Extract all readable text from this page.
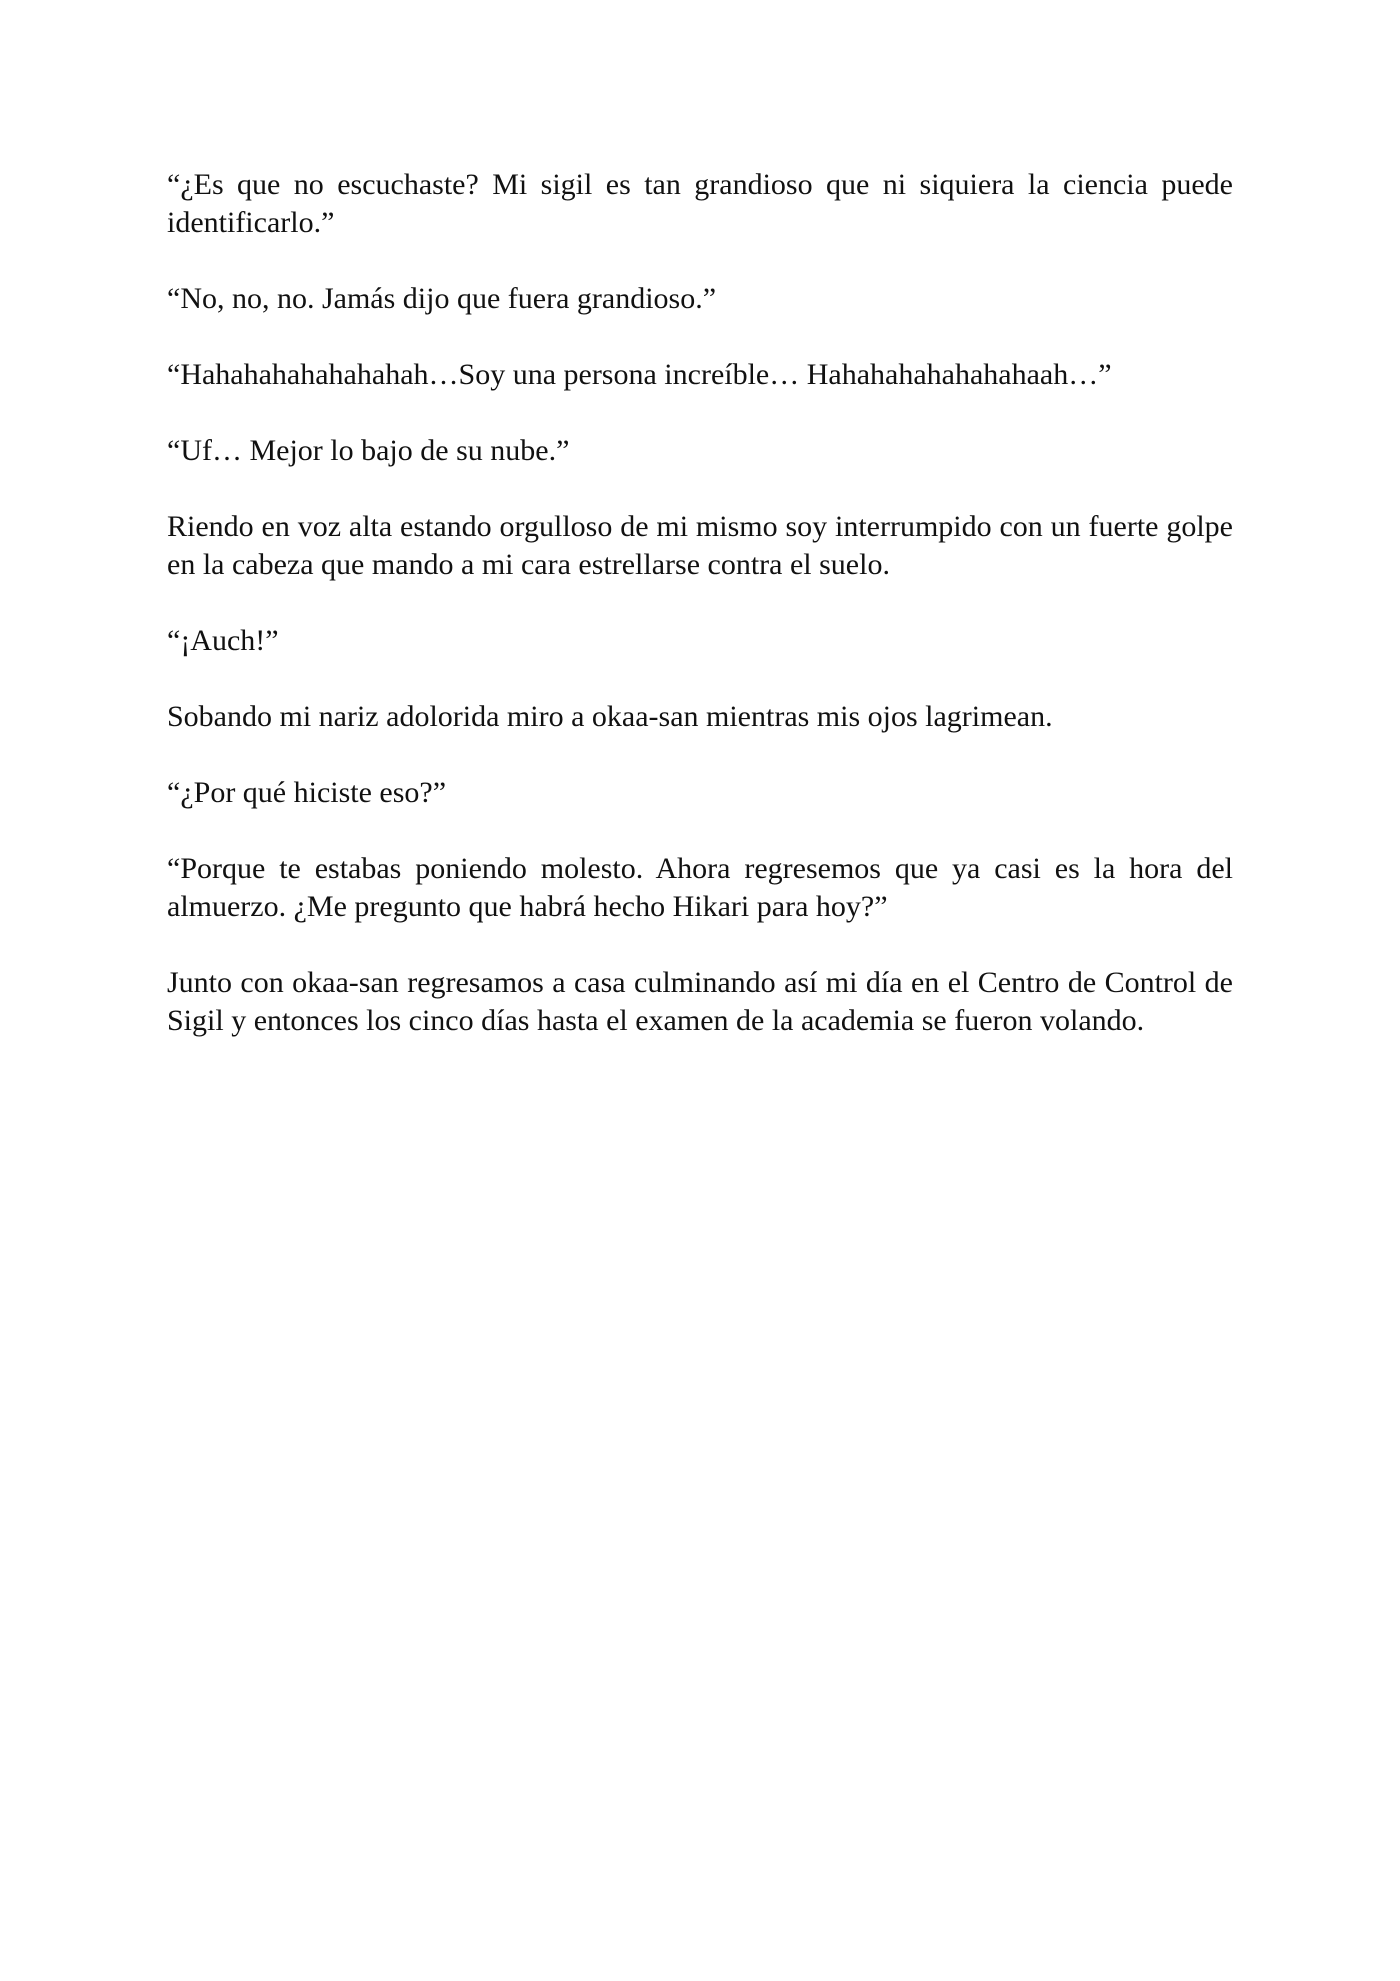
“¿Es que no escuchaste? Mi sigil es tan grandioso que ni siquiera la ciencia puede identificarlo.”

“No, no, no. Jamás dijo que fuera grandioso.”

“Hahahahahahahahah…Soy una persona increíble… Hahahahahahahahaah…”

“Uf… Mejor lo bajo de su nube.”

Riendo en voz alta estando orgulloso de mi mismo soy interrumpido con un fuerte golpe en la cabeza que mando a mi cara estrellarse contra el suelo.

“¡Auch!”

Sobando mi nariz adolorida miro a okaa-san mientras mis ojos lagrimean.

“¿Por qué hiciste eso?”

“Porque te estabas poniendo molesto. Ahora regresemos que ya casi es la hora del almuerzo. ¿Me pregunto que habrá hecho Hikari para hoy?”

Junto con okaa-san regresamos a casa culminando así mi día en el Centro de Control de Sigil y entonces los cinco días hasta el examen de la academia se fueron volando.
